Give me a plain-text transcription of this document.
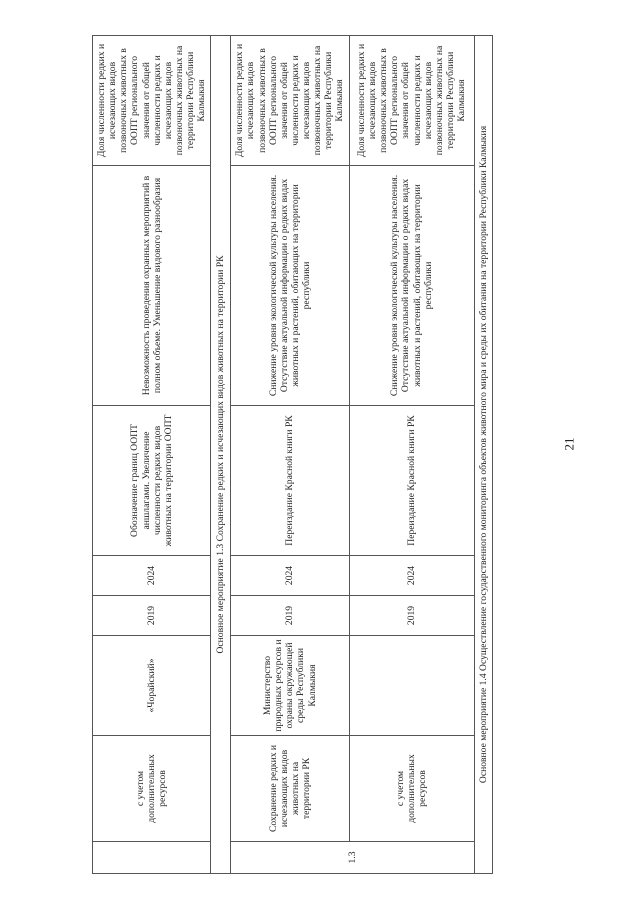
21
	с учетом дополнительных ресурсов	«Чорайский»	2019	2024	Обозначение границ ООПТ аншлагами. Увеличение численности редких видов животных на территории ООПТ	Невозможность проведения охранных мероприятий в полном объеме. Уменьшение видового разнообразия	Доля численности редких и исчезающих видов позвоночных животных в ООПТ регионального значения от общей численности редких и исчезающих видов позвоночных животных на территории Республики Калмыкия
Основное мероприятие 1.3 Сохранение редких и исчезающих видов животных на территории РК							
1.3	Сохранение редких и исчезающих видов животных на территории РК	Министерство природных ресурсов и охраны окружающей среды Республики Калмыкия	2019	2024	Переиздание Красной книги РК	Снижение уровня экологической культуры населения. Отсутствие актуальной информации о редких видах животных и растений, обитающих на территории республики	Доля численности редких и исчезающих видов позвоночных животных в ООПТ регионального значения от общей численности редких и исчезающих видов позвоночных животных на территории Республики Калмыкия
	с учетом дополнительных ресурсов		2019	2024	Переиздание Красной книги РК	Снижение уровня экологической культуры населения. Отсутствие актуальной информации о редких видах животных и растений, обитающих на территории республики	Доля численности редких и исчезающих видов позвоночных животных в ООПТ регионального значения от общей численности редких и исчезающих видов позвоночных животных на территории Республики Калмыкия
Основное мероприятие 1.4 Осуществление государственного мониторинга объектов животного мира и среды их обитания на территории Республики Калмыкия							
